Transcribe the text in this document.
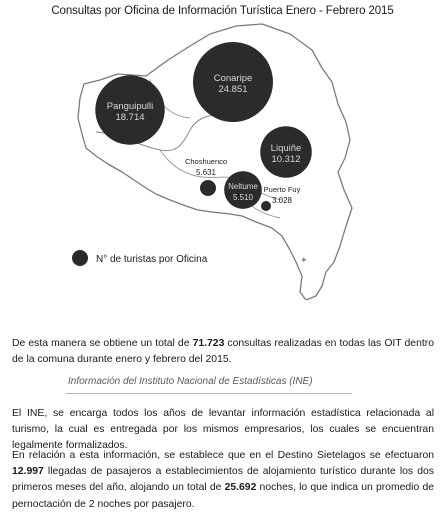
Consultas por Oficina de Información Turística Enero - Febrero 2015
✦
Conaripe
24.851
Panguipulli
18.714
Liquiñe
10.312
Choshuenco
5.631
Neltume
5.510
Puerto Fuy
3.028
N° de turistas por Oficina
De esta manera se obtiene un total de 71.723 consultas realizadas en todas las OIT dentro de la comuna durante enero y febrero del 2015.
Información del Instituto Nacional de Estadísticas (INE)
El INE, se encarga todos los años de levantar información estadística relacionada al turismo, la cual es entregada por los mismos empresarios, los cuales se encuentran legalmente formalizados.
En relación a esta información, se establece que en el Destino Sietelagos se efectuaron 12.997 llegadas de pasajeros a establecimientos de alojamiento turístico durante los dos primeros meses del año, alojando un total de 25.692 noches, lo que indica un promedio de pernoctación de 2 noches por pasajero.
